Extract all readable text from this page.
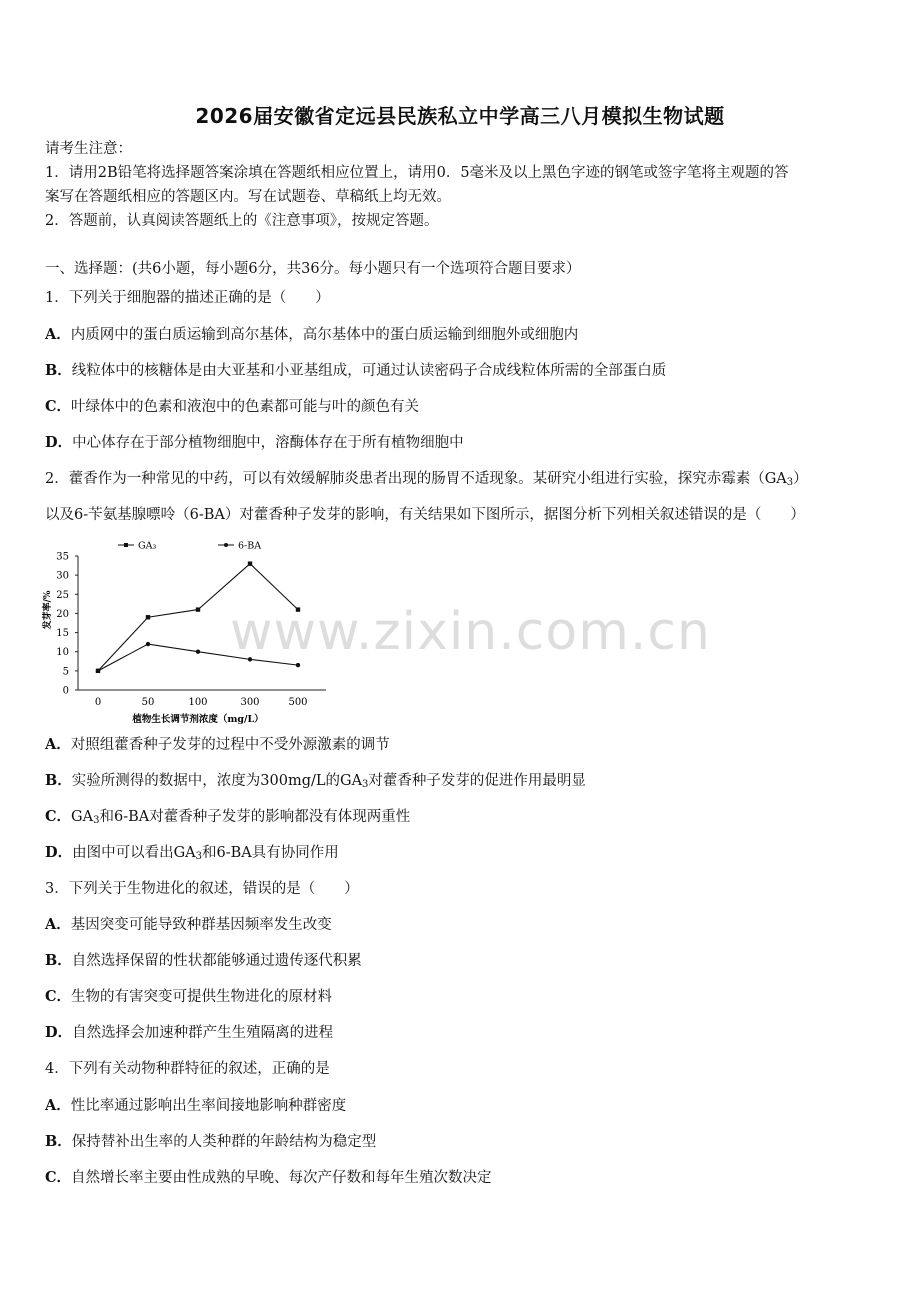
2026届安徽省定远县民族私立中学高三八月模拟生物试题
请考生注意：
1．请用2B铅笔将选择题答案涂填在答题纸相应位置上，请用0．5毫米及以上黑色字迹的钢笔或签字笔将主观题的答
案写在答题纸相应的答题区内。写在试题卷、草稿纸上均无效。
2．答题前，认真阅读答题纸上的《注意事项》，按规定答题。
一、选择题：(共6小题，每小题6分，共36分。每小题只有一个选项符合题目要求）
1．下列关于细胞器的描述正确的是（　　）
A．内质网中的蛋白质运输到高尔基体，高尔基体中的蛋白质运输到细胞外或细胞内
B．线粒体中的核糖体是由大亚基和小亚基组成，可通过认读密码子合成线粒体所需的全部蛋白质
C．叶绿体中的色素和液泡中的色素都可能与叶的颜色有关
D．中心体存在于部分植物细胞中，溶酶体存在于所有植物细胞中
2．藿香作为一种常见的中药，可以有效缓解肺炎患者出现的肠胃不适现象。某研究小组进行实验，探究赤霉素$(GA_3)$
以及6-苄氨基腺嘌呤（6-BA）对藿香种子发芽的影响，有关结果如下图所示，据图分析下列相关叙述错误的是（　　）
GA₃	6-BA
0
5
10
15
20
25
30
35
0	50	100	300	500
发芽率/%
植物生长调节剂浓度（mg/L）
www.zixin.com.cn
A．对照组藿香种子发芽的过程中不受外源激素的调节
B．实验所测得的数据中，浓度为300mg/L的$GA_3$对藿香种子发芽的促进作用最明显
C．$GA_3$和6-BA对藿香种子发芽的影响都没有体现两重性
D．由图中可以看出$GA_3$和6-BA具有协同作用
3．下列关于生物进化的叙述，错误的是（　　）
A．基因突变可能导致种群基因频率发生改变
B．自然选择保留的性状都能够通过遗传逐代积累
C．生物的有害突变可提供生物进化的原材料
D．自然选择会加速种群产生生殖隔离的进程
4．下列有关动物种群特征的叙述，正确的是
A．性比率通过影响出生率间接地影响种群密度
B．保持替补出生率的人类种群的年龄结构为稳定型
C．自然增长率主要由性成熟的早晚、每次产仔数和每年生殖次数决定
